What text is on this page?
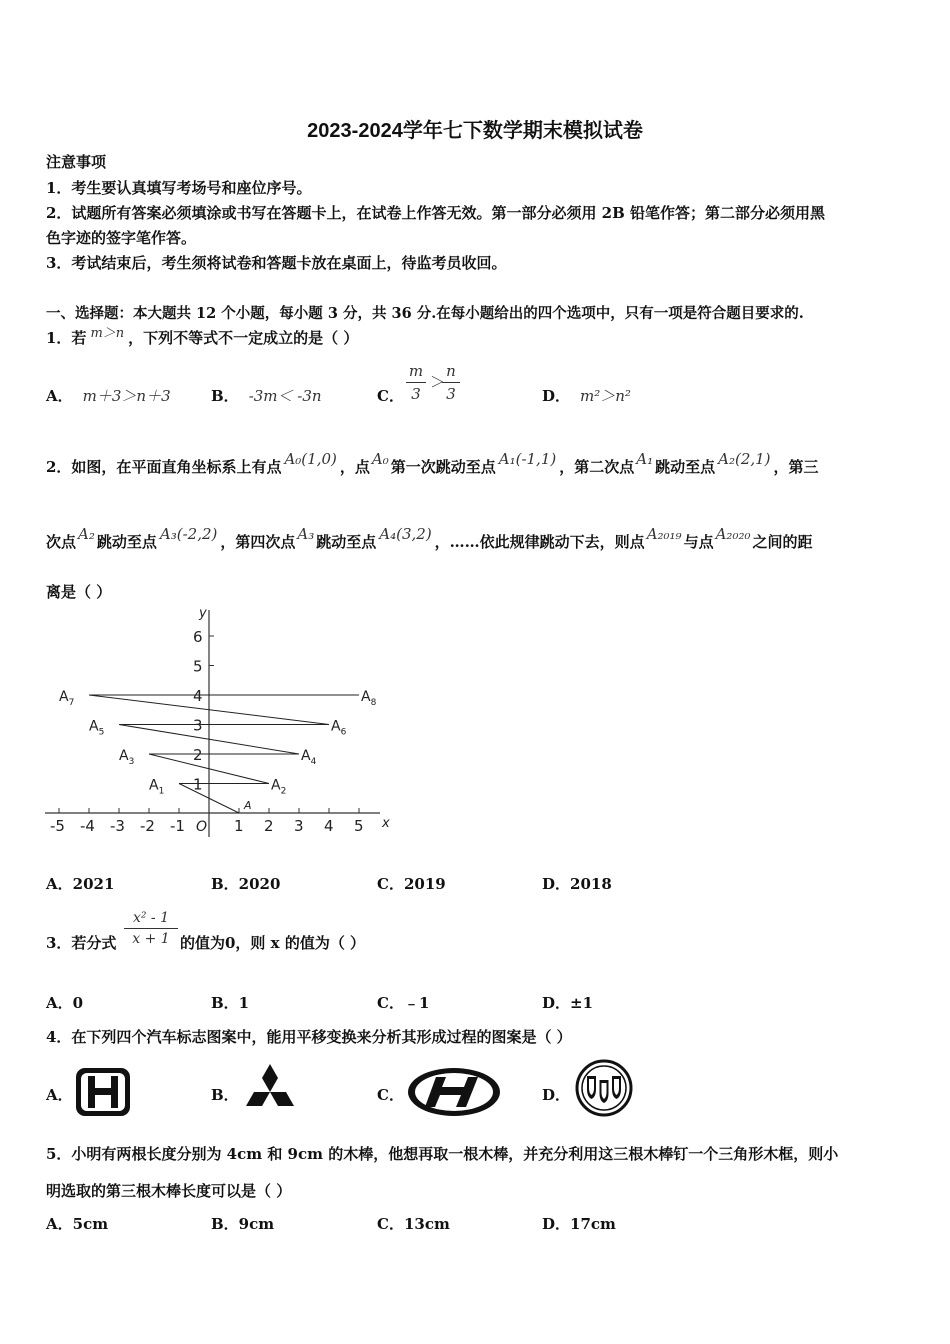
2023-2024学年七下数学期末模拟试卷
注意事项
1．考生要认真填写考场号和座位序号。
2．试题所有答案必须填涂或书写在答题卡上，在试卷上作答无效。第一部分必须用 2B 铅笔作答；第二部分必须用黑
色字迹的签字笔作答。
3．考试结束后，考生须将试卷和答题卡放在桌面上，待监考员收回。
一、选择题：本大题共 12 个小题，每小题 3 分，共 36 分.在每小题给出的四个选项中，只有一项是符合题目要求的.
1．若 m＞n ，下列不等式不一定成立的是（ ）
A． m＋3＞n＋3	B． -3m＜ -3n	C．
m
3
＞
n
3	D． m²＞n²
2．如图，在平面直角坐标系上有点 A₀(1,0) ，点 A₀ 第一次跳动至点 A₁(-1,1) ，第二次点 A₁ 跳动至点 A₂(2,1) ，第三
次点 A₂ 跳动至点 A₃(-2,2) ，第四次点 A₃ 跳动至点 A₄(3,2) ，……依此规律跳动下去，则点 A₂₀₁₉ 与点 A₂₀₂₀ 之间的距
离是（ ）
-5 -4 -3 -2 -1	1 2 3 4 5
1
2
3
4
5
6
x
y
O
A
$A_1$	$A_2$
$A_3$	$A_4$
$A_5$	$A_6$
$A_7$	$A_8$
A．2021	B．2020	C．2019	D．2018
3．若分式
x² - 1
x + 1 的值为0，则 x 的值为（ ）
A．0	B．1	C．﹣1	D．±1
4．在下列四个汽车标志图案中，能用平移变换来分析其形成过程的图案是（ ）
A．	B．	C．	D．
5．小明有两根长度分别为 4cm 和 9cm 的木棒，他想再取一根木棒，并充分利用这三根木棒钉一个三角形木框，则小
明选取的第三根木棒长度可以是（ ）
A．5cm	B．9cm	C．13cm	D．17cm
